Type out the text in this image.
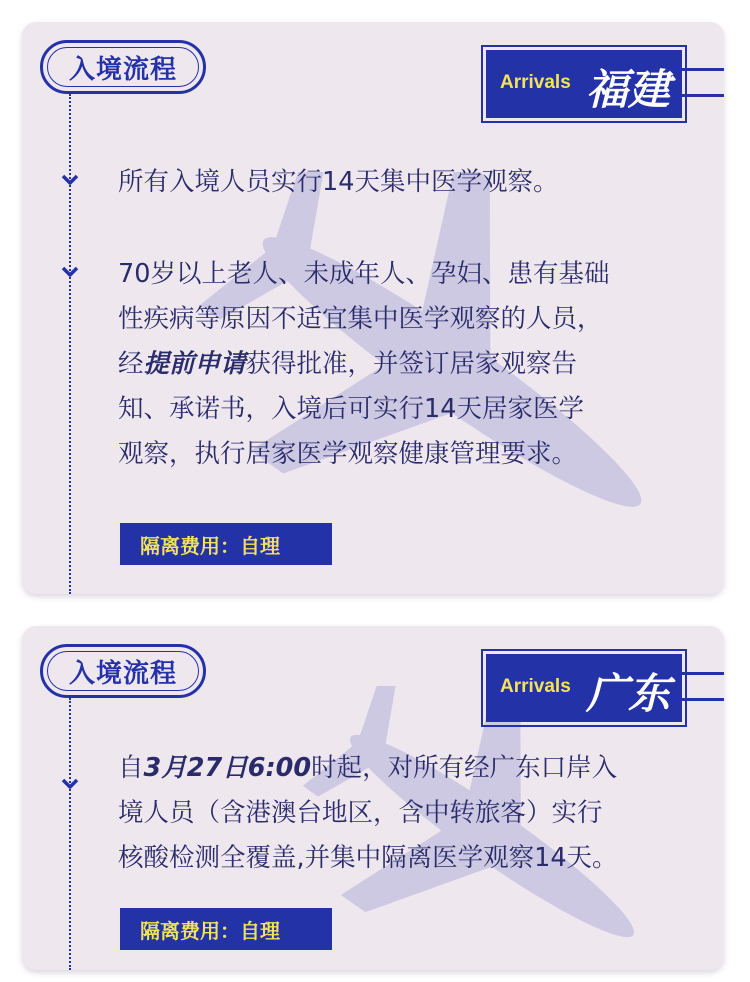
入境流程	Arrivals 福建
所有入境人员实行14天集中医学观察。
70岁以上老人、未成年人、孕妇、患有基础
性疾病等原因不适宜集中医学观察的人员，
经提前申请获得批准，并签订居家观察告
知、承诺书，入境后可实行14天居家医学
观察，执行居家医学观察健康管理要求。
隔离费用：自理
入境流程	Arrivals 广东
自3月27日6:00时起，对所有经广东口岸入
境人员（含港澳台地区，含中转旅客）实行
核酸检测全覆盖,并集中隔离医学观察14天。
隔离费用：自理
